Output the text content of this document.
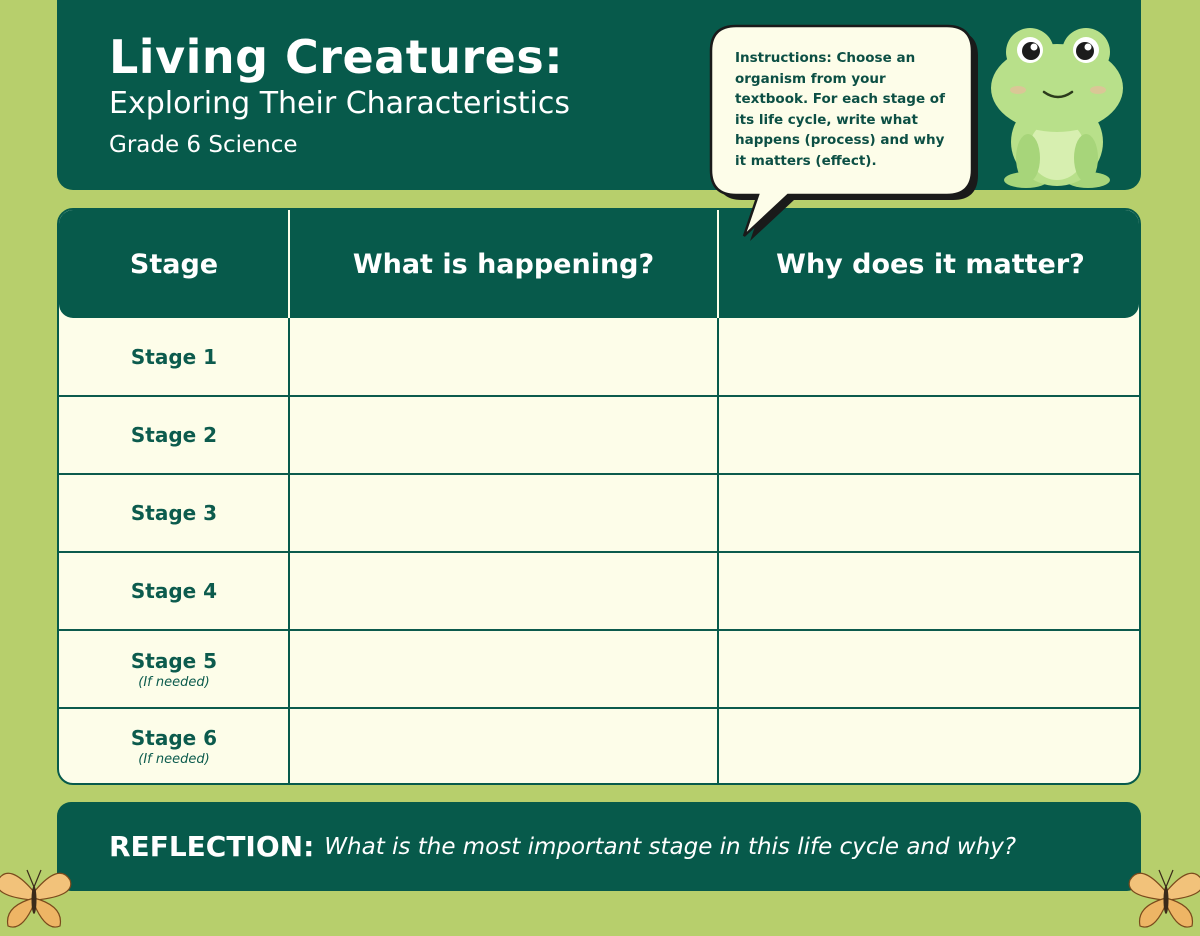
Living Creatures:
Exploring Their Characteristics
Grade 6 Science
Instructions: Choose an organism from your textbook. For each stage of its life cycle, write what happens (process) and why it matters (effect).
Stage	What is happening?	Why does it matter?
Stage 1
Stage 2
Stage 3
Stage 4
Stage 5
(If needed)
Stage 6
(If needed)
REFLECTION: What is the most important stage in this life cycle and why?
